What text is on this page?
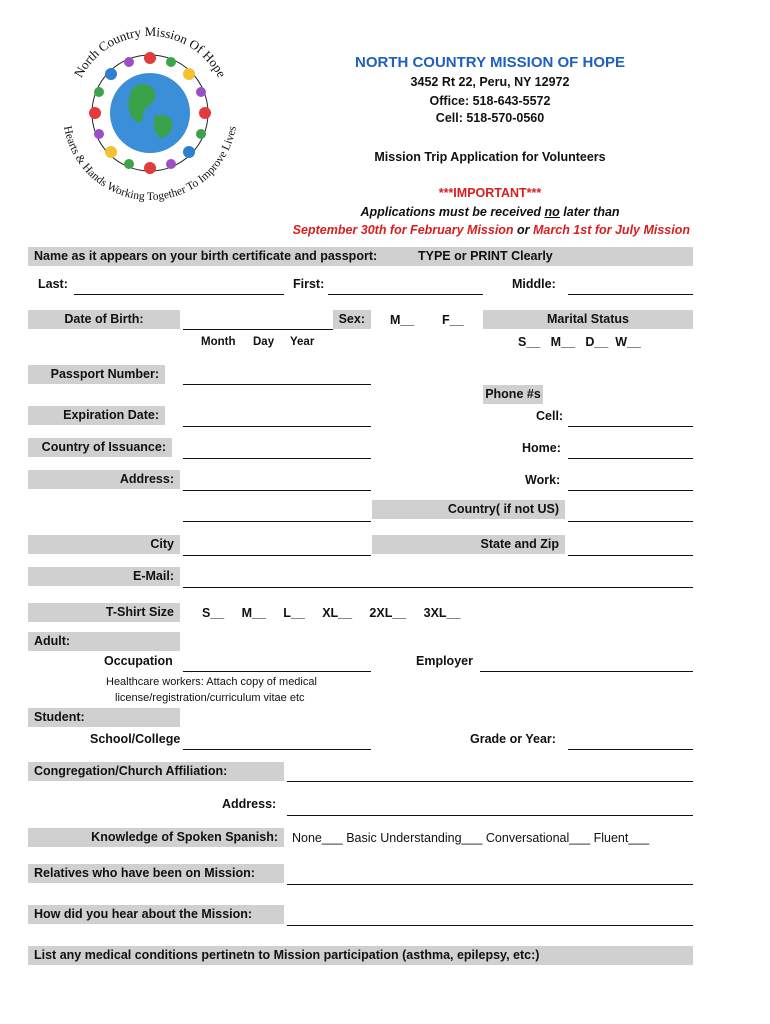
North Country Mission Of Hope
Hearts & Hands Working Together To Improve Lives
NORTH COUNTRY MISSION OF HOPE
3452 Rt 22, Peru, NY 12972
Office: 518-643-5572
Cell: 518-570-0560
Mission Trip Application for Volunteers
***IMPORTANT***
Applications must be received no later than
September 30th for February Mission or March 1st for July Mission
Name as it appears on your birth certificate and passport:	TYPE or PRINT Clearly
Last:	First:	Middle:
Date of Birth:	Sex:	M__ F__	Marital Status
Month Day Year	S__   M__   D__  W__
Passport Number:
Phone #s
Expiration Date:	Cell:
Country of Issuance:	Home:
Address:	Work:
Country( if not US)
City	State and Zip
E-Mail:
T-Shirt Size	S__     M__     L__     XL__     2XL__     3XL__
Adult:
Occupation	Employer
Healthcare workers: Attach copy of medical
license/registration/curriculum vitae etc
Student:
School/College	Grade or Year:
Congregation/Church Affiliation:
Address:
Knowledge of Spoken Spanish:	None___ Basic Understanding___ Conversational___ Fluent___
Relatives who have been on Mission:
How did you hear about the Mission:
List any medical conditions pertinetn to Mission participation (asthma, epilepsy, etc:)
